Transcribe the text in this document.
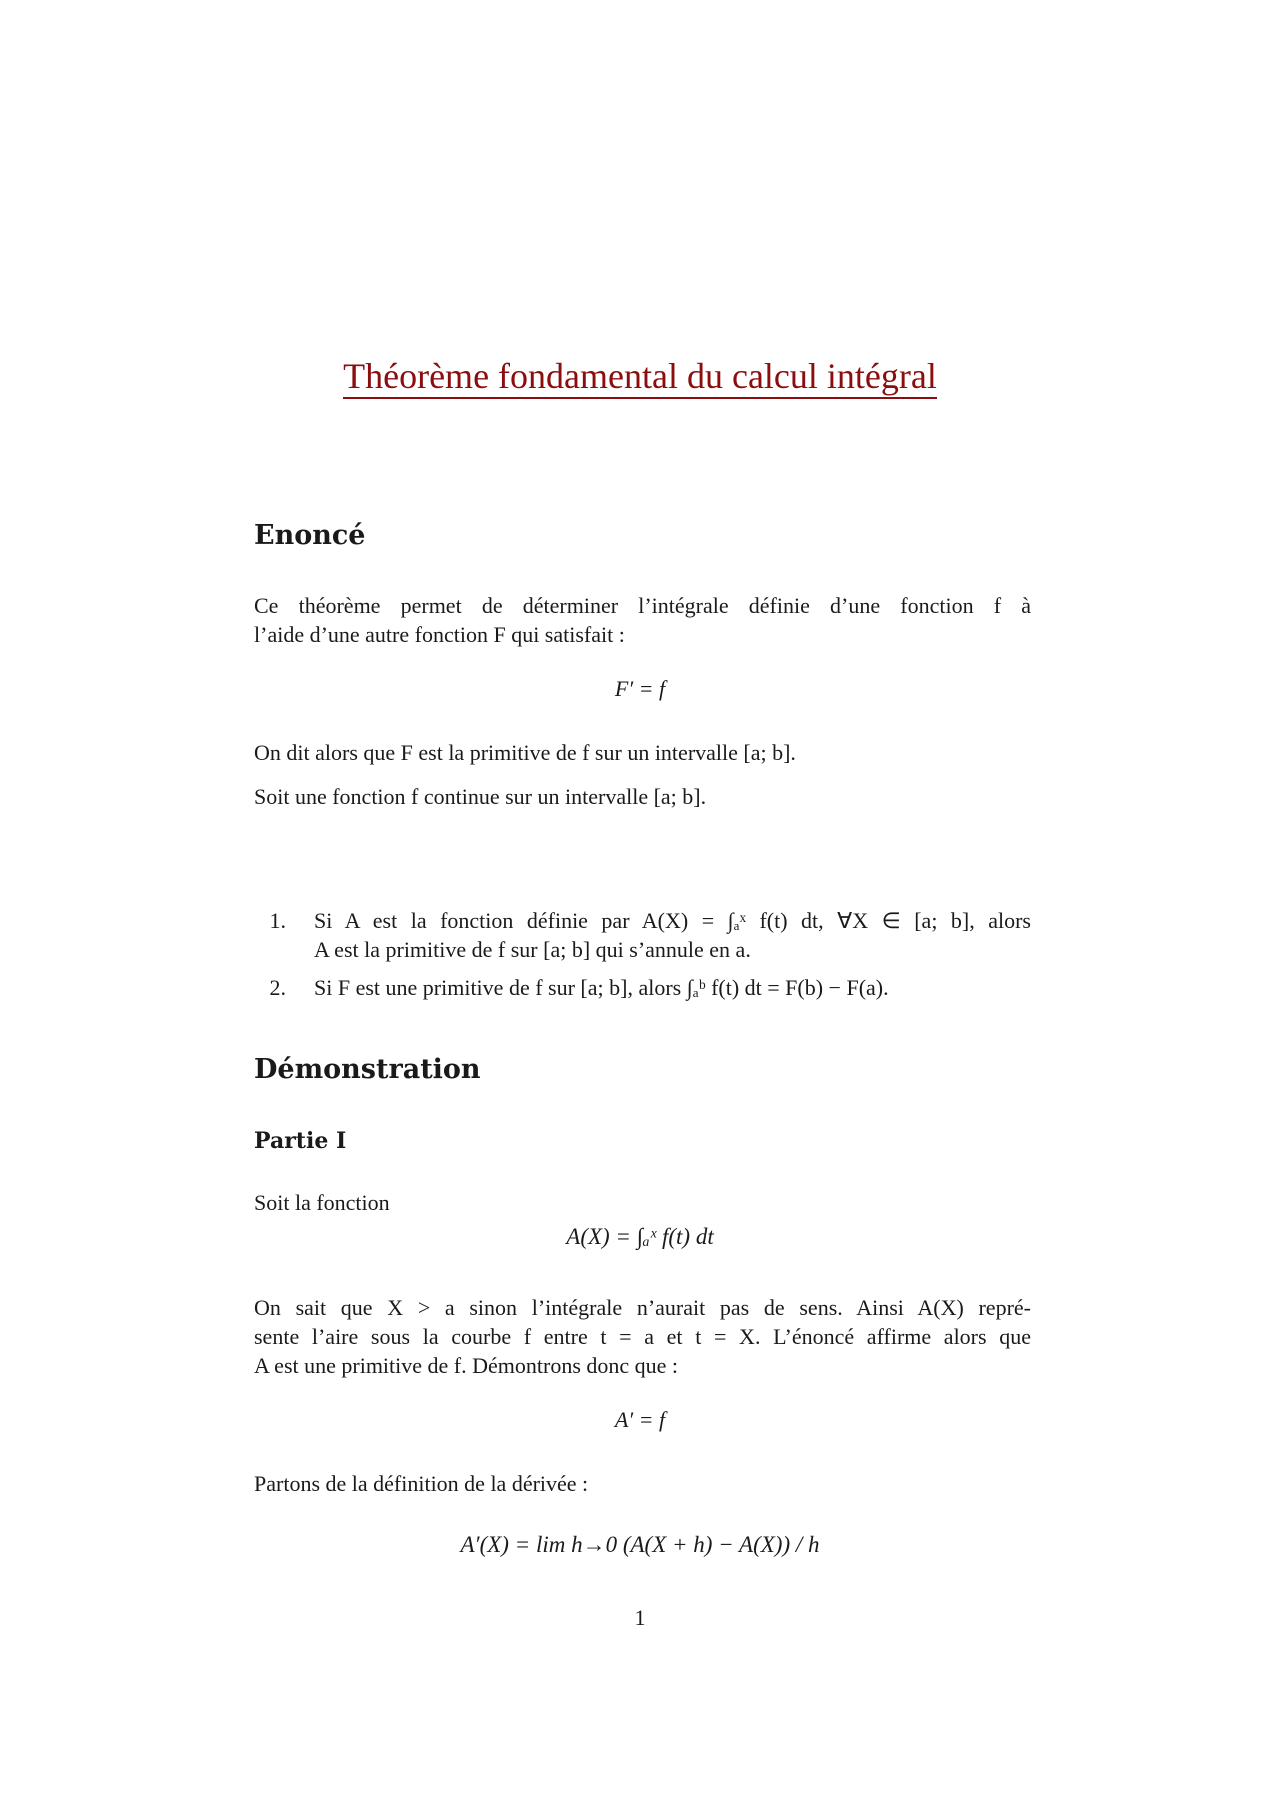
Théorème fondamental du calcul intégral
Enoncé
Ce théorème permet de déterminer l’intégrale définie d’une fonction f à
l’aide d’une autre fonction F qui satisfait :
F′ = f
On dit alors que F est la primitive de f sur un intervalle [a; b].
Soit une fonction f continue sur un intervalle [a; b].
1. Si A est la fonction définie par A(X) = ∫ₐˣ f(t) dt, ∀X ∈ [a; b], alors
A est la primitive de f sur [a; b] qui s’annule en a.
2. Si F est une primitive de f sur [a; b], alors ∫ₐᵇ f(t) dt = F(b) − F(a).
Démonstration
Partie I
Soit la fonction
A(X) = ∫ₐˣ f(t) dt
On sait que X > a sinon l’intégrale n’aurait pas de sens. Ainsi A(X) repré-
sente l’aire sous la courbe f entre t = a et t = X. L’énoncé affirme alors que
A est une primitive de f. Démontrons donc que :
A′ = f
Partons de la définition de la dérivée :
A′(X) = lim h→0 (A(X + h) − A(X)) / h
1
